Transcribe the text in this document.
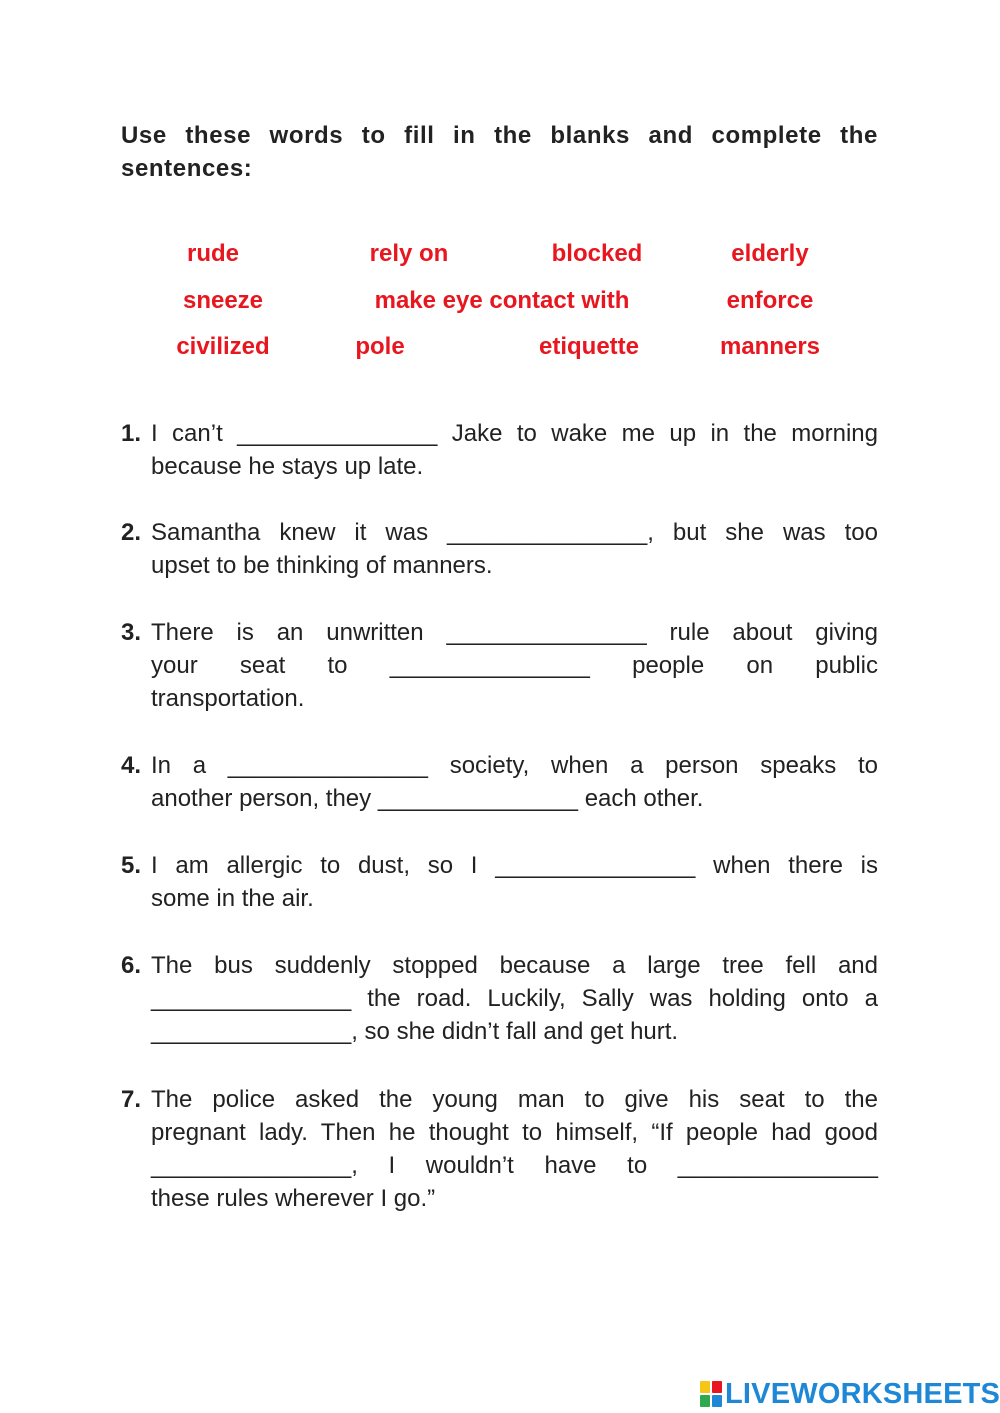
Use these words to fill in the blanks and complete the sentences:
rude	rely on	blocked	elderly
sneeze	make eye contact with	enforce
civilized	pole	etiquette	manners
1. I can’t _______________ Jake to wake me up in the morning
because he stays up late.
2. Samantha knew it was _______________, but she was too
upset to be thinking of manners.
3. There is an unwritten _______________ rule about giving
your seat to _______________ people on public
transportation.
4. In a _______________ society, when a person speaks to
another person, they _______________ each other.
5. I am allergic to dust, so I _______________ when there is
some in the air.
6. The bus suddenly stopped because a large tree fell and
_______________ the road. Luckily, Sally was holding onto a
_______________, so she didn’t fall and get hurt.
7. The police asked the young man to give his seat to the
pregnant lady. Then he thought to himself, “If people had good
_______________, I wouldn’t have to _______________
these rules wherever I go.”
LIVEWORKSHEETS
